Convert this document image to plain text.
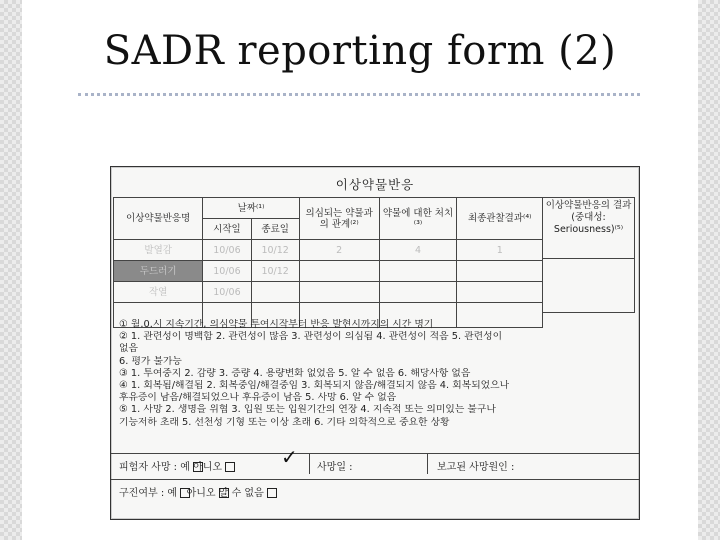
SADR reporting form (2)
이상약물반응
이상약물반응명	날짜⁽¹⁾		의심되는 약물과의 관계⁽²⁾	약물에 대한 처치⁽³⁾	최종관찰결과⁽⁴⁾
	시작일	종료일			
발열감	10/06	10/12	2	4	1
두드러기	10/06	10/12			
작열	10/06				

이상약물반응의 결과(중대성: Seriousness)⁽⁵⁾
① 월.0.시 지속기간, 의심약물 투여시작부터 반응 발현시까지의 시간 명기
② 1. 관련성이 명백함 2. 관련성이 많음 3. 관련성이 의심됨 4. 관련성이 적음 5. 관련성이
없음
6. 평가 불가능
③ 1. 투여중지 2. 감량 3. 증량 4. 용량변화 없었음 5. 알 수 없음 6. 해당사항 없음
④ 1. 회복됨/해결됨 2. 회복중임/해결중임 3. 회복되지 않음/해결되지 않음 4. 회복되었으나
후유증이 남음/해결되었으나 후유증이 남음 5. 사망 6. 알 수 없음
⑤ 1. 사망 2. 생명을 위협 3. 입원 또는 입원기간의 연장 4. 지속적 또는 의미있는 불구나
기능저하 초래 5. 선천성 기형 또는 이상 초래 6. 기타 의학적으로 중요한 상황
피험자 사망 : 예 아니오	사망일 :	보고된 사망원인 :
✓
구진여부 : 예 아니오 알 수 없음
